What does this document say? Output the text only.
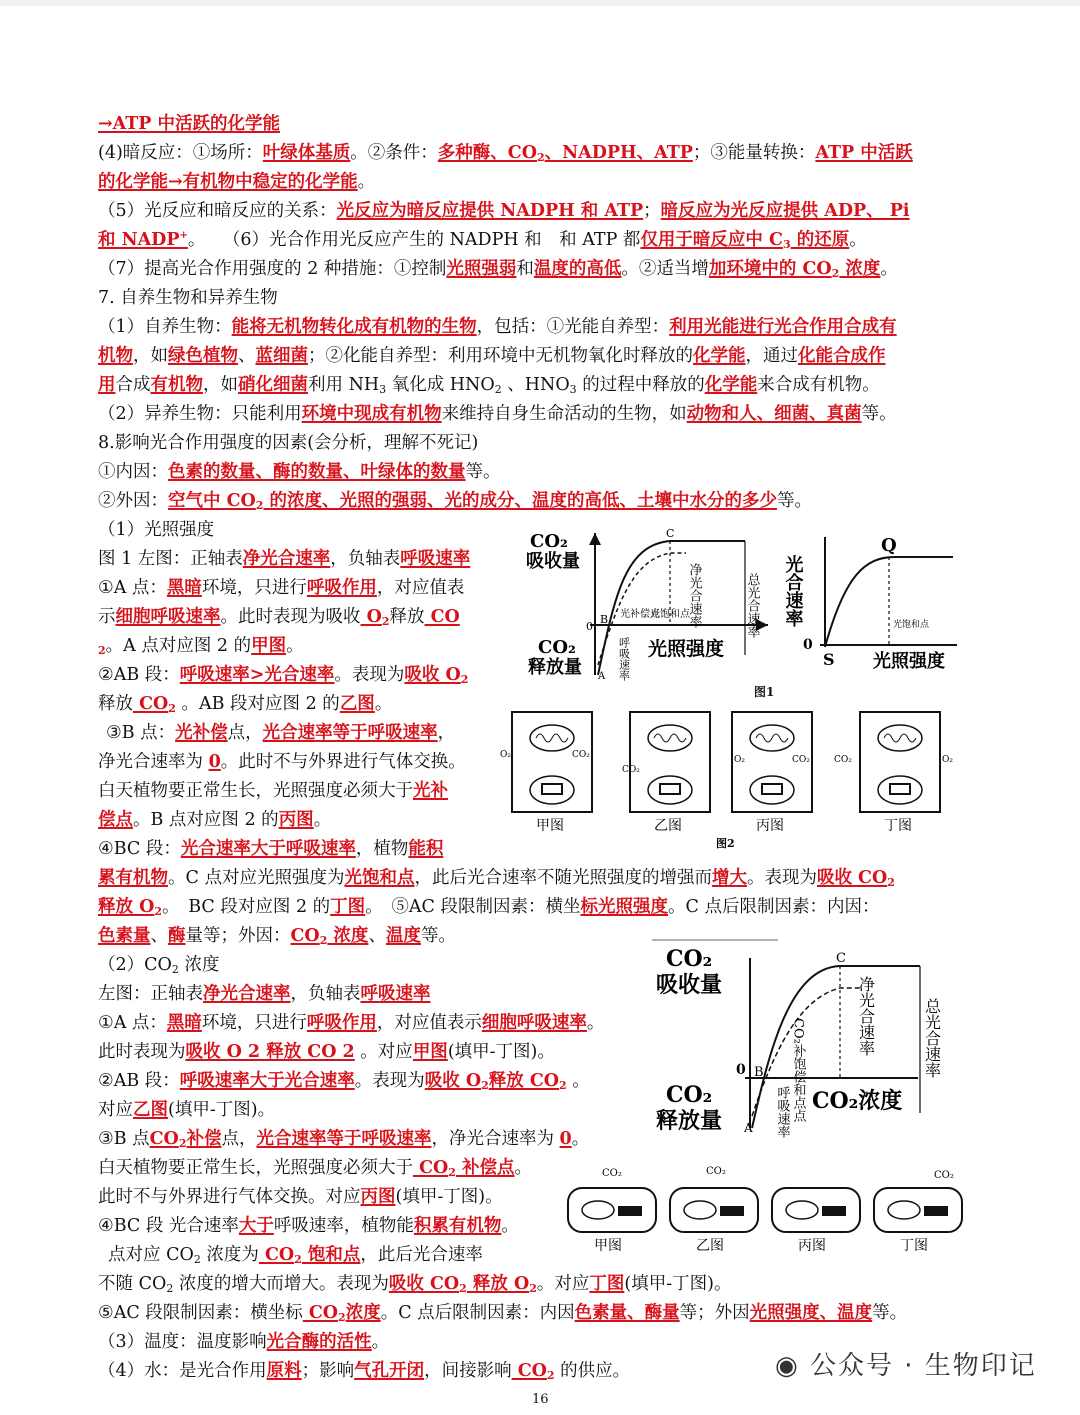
→ATP 中活跃的化学能
(4)暗反应：①场所：叶绿体基质。②条件：多种酶、$CO_2$、NADPH、ATP；③能量转换：ATP 中活跃
的化学能→有机物中稳定的化学能。
（5）光反应和暗反应的关系：光反应为暗反应提供 NADPH 和 ATP；暗反应为光反应提供 ADP、 Pi
和 NADP+。　　（6）光合作用光反应产生的 NADPH 和　和 ATP 都仅用于暗反应中 $C_3$ 的还原。
（7）提高光合作用强度的 2 种措施：①控制光照强弱和温度的高低。②适当增加环境中的 $CO_2$ 浓度。
7. 自养生物和异养生物
（1）自养生物：能将无机物转化成有机物的生物，包括：①光能自养型：利用光能进行光合作用合成有
机物，如绿色植物、蓝细菌；②化能自养型：利用环境中无机物氧化时释放的化学能，通过化能合成作
用合成有机物，如硝化细菌利用 $NH_3$ 氧化成 $HNO_2$ 、$HNO_3$ 的过程中释放的化学能来合成有机物。
（2）异养生物：只能利用环境中现成有机物来维持自身生命活动的生物，如动物和人、细菌、真菌等。
8.影响光合作用强度的因素(会分析，理解不死记)
①内因：色素的数量、酶的数量、叶绿体的数量等。
②外因：空气中 $CO_2$ 的浓度、光照的强弱、光的成分、温度的高低、土壤中水分的多少等。
（1）光照强度
图 1 左图：正轴表净光合速率，负轴表呼吸速率
①A 点：黑暗环境，只进行呼吸作用，对应值表
示细胞呼吸速率。此时表现为吸收 $O_2$释放 CO
$_2$。A 点对应图 2 的甲图。
②AB 段：呼吸速率>光合速率。表现为吸收 $O_2$
释放 $CO_2$ 。AB 段对应图 2 的乙图。
③B 点：光补偿点，光合速率等于呼吸速率，
净光合速率为 0。此时不与外界进行气体交换。
白天植物要正常生长，光照强度必须大于光补
偿点。B 点对应图 2 的丙图。
④BC 段：光合速率大于呼吸速率，植物能积
累有机物。C 点对应光照强度为光饱和点，此后光合速率不随光照强度的增强而增大。表现为吸收 $CO_2$
释放 $O_2$。　BC 段对应图 2 的丁图。　⑤AC 段限制因素：横坐标光照强度。C 点后限制因素：内因：
色素量、酶量等；外因：$CO_2$ 浓度、温度等。
$(2)CO_2$ 浓度
左图：正轴表净光合速率，负轴表呼吸速率
①A 点：黑暗环境，只进行呼吸作用，对应值表示细胞呼吸速率。
此时表现为吸收 O 2 释放 CO 2 。对应甲图(填甲-丁图)。
②AB 段：呼吸速率大于光合速率。表现为吸收 $O_2$释放 $CO_2$ 。
对应乙图(填甲-丁图)。
③B 点$CO_2$补偿点，光合速率等于呼吸速率，净光合速率为 0。
白天植物要正常生长，光照强度必须大于 $CO_2$ 补偿点。
此时不与外界进行气体交换。对应丙图(填甲-丁图)。
④BC 段 光合速率大于呼吸速率，植物能积累有机物。
点对应 $CO_2$ 浓度为 $CO_2$ 饱和点，此后光合速率
不随 $CO_2$ 浓度的增大而增大。表现为吸收 $CO_2$ 释放 $O_2$。对应丁图(填甲-丁图)。
⑤AC 段限制因素：横坐标 $CO_2$浓度。C 点后限制因素：内因色素量、酶量等；外因光照强度、温度等。
（3）温度：温度影响光合酶的活性。
（4）水：是光合作用原料；影响气孔开闭，间接影响 $CO_2$ 的供应。
CO₂
吸收量
CO₂
释放量
C
B
A
0	净光合速率	总光合速率
呼吸速率
光补偿点
光饱和点
光照强度
光合速率
Q
S
0
光照强度
光饱和点
图1
O₂	CO₂
CO₂
O₂	CO₂	CO₂	O₂
甲图	乙图	丙图	丁图
图2
CO₂
吸收量
CO₂
释放量
C
B
A
0
净光合速率	总光合速率
呼吸速率 CO₂补饱偿和点点 CO₂浓度
CO₂	CO₂	CO₂
甲图	乙图	丙图	丁图
◉ 公众号 · 生物印记
16
